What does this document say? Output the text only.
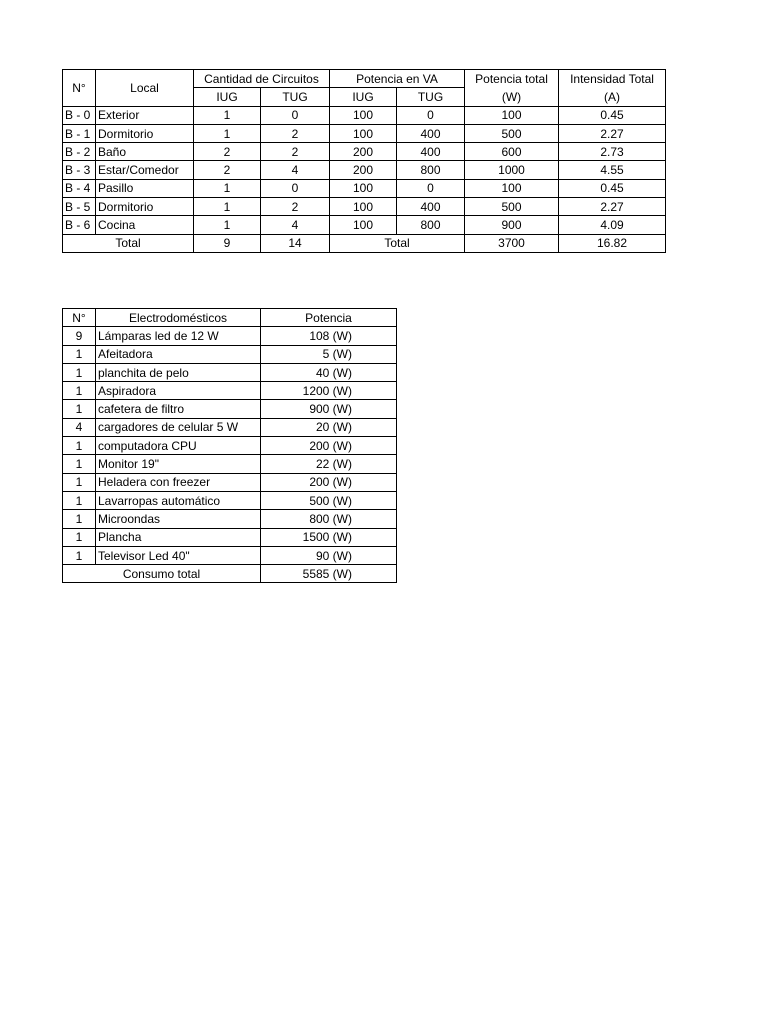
N°	Local	Cantidad de Circuitos		Potencia en VA		Potencia total	Intensidad Total
		IUG	TUG	IUG	TUG	(W)	(A)
B - 0	Exterior	1	0	100	0	100	0.45
B - 1	Dormitorio	1	2	100	400	500	2.27
B - 2	Baño	2	2	200	400	600	2.73
B - 3	Estar/Comedor	2	4	200	800	1000	4.55
B - 4	Pasillo	1	0	100	0	100	0.45
B - 5	Dormitorio	1	2	100	400	500	2.27
B - 6	Cocina	1	4	100	800	900	4.09
Total		9	14	Total		3700	16.82
N°	Electrodomésticos	Potencia
9	Lámparas led de 12 W	108 (W)
1	Afeitadora	5 (W)
1	planchita de pelo	40 (W)
1	Aspiradora	1200 (W)
1	cafetera de filtro	900 (W)
4	cargadores de celular 5 W	20 (W)
1	computadora CPU	200 (W)
1	Monitor 19"	22 (W)
1	Heladera con freezer	200 (W)
1	Lavarropas automático	500 (W)
1	Microondas	800 (W)
1	Plancha	1500 (W)
1	Televisor Led 40"	90 (W)
Consumo total		5585 (W)
